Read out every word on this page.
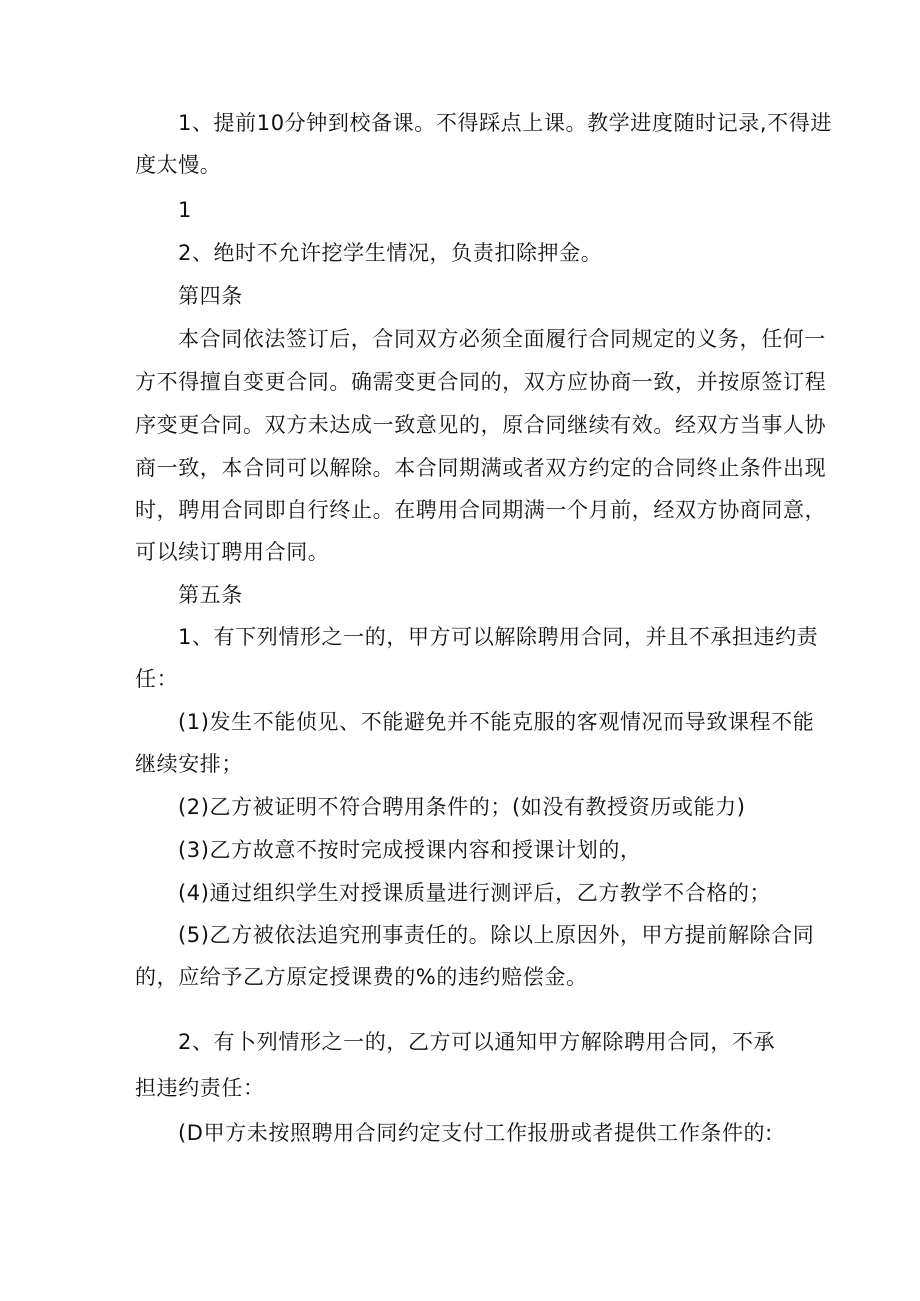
1、提前10分钟到校备课。不得踩点上课。教学进度随时记录,不得进
度太慢。
1
2、绝时不允许挖学生情况，负责扣除押金。
第四条
本合同依法签订后，合同双方必须全面履行合同规定的义务，任何一
方不得擅自变更合同。确需变更合同的，双方应协商一致，并按原签订程
序变更合同。双方未达成一致意见的，原合同继续有效。经双方当事人协
商一致，本合同可以解除。本合同期满或者双方约定的合同终止条件出现
时，聘用合同即自行终止。在聘用合同期满一个月前，经双方协商同意，
可以续订聘用合同。
第五条
1、有下列情形之一的，甲方可以解除聘用合同，并且不承担违约责
任：
(1)发生不能侦见、不能避免并不能克服的客观情况而导致课程不能
继续安排；
(2)乙方被证明不符合聘用条件的；(如没有教授资历或能力)
(3)乙方故意不按时完成授课内容和授课计划的，
(4)通过组织学生对授课质量进行测评后，乙方教学不合格的；
(5)乙方被依法追究刑事责任的。除以上原因外，甲方提前解除合同
的，应给予乙方原定授课费的%的违约赔偿金。
2、有卜列情形之一的，乙方可以通知甲方解除聘用合同，不承
担违约责任：
(D甲方未按照聘用合同约定支付工作报册或者提供工作条件的:
